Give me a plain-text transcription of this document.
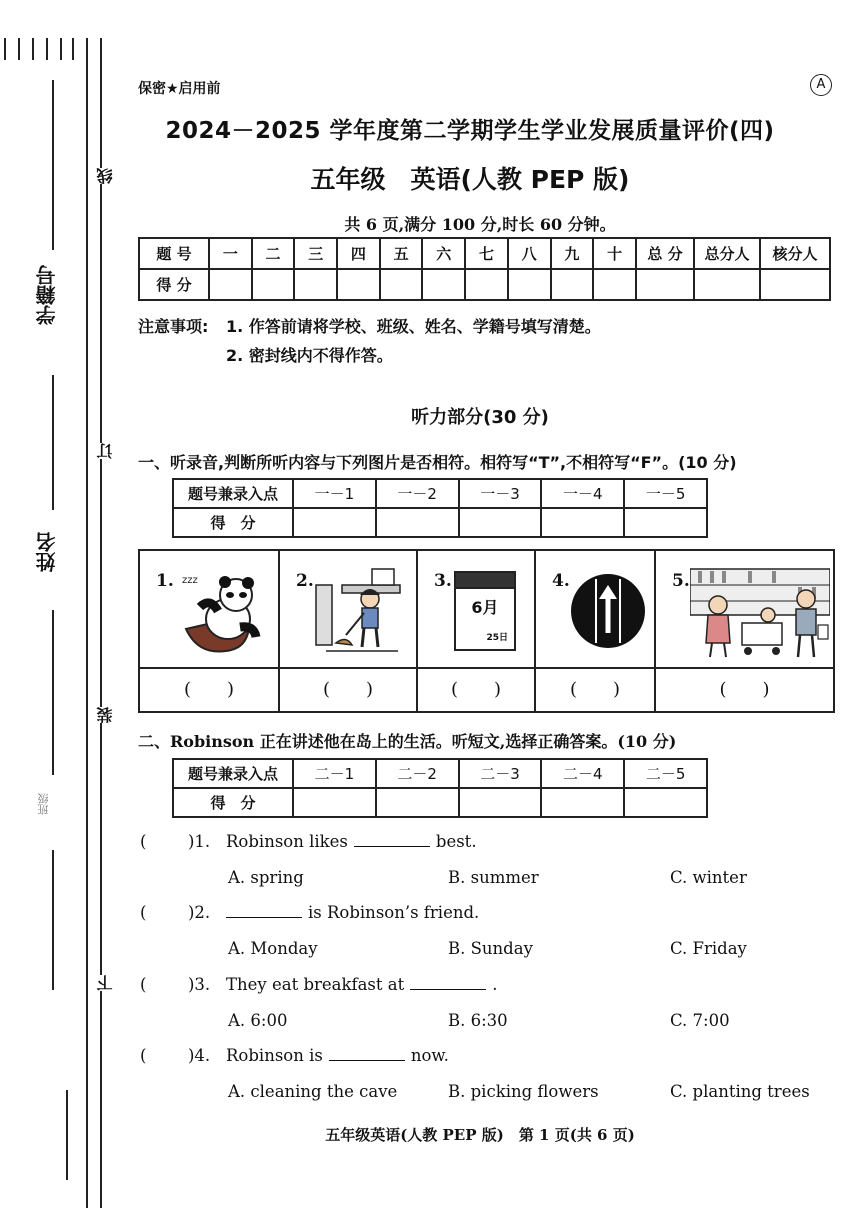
学籍号
姓名
班级
线
订
装
下
保密★启用前	A
2024－2025 学年度第二学期学生学业发展质量评价(四)
五年级　英语(人教 PEP 版)
共 6 页,满分 100 分,时长 60 分钟。
题 号	一	二	三	四	五	六	七	八	九	十	总 分	总分人	核分人
得 分													
注意事项: 1. 作答前请将学校、班级、姓名、学籍号填写清楚。
2. 密封线内不得作答。
听力部分(30 分)
一、听录音,判断所听内容与下列图片是否相符。相符写“T”,不相符写“F”。(10 分)
题号兼录入点	一－1	一－2	一－3	一－4	一－5
得　分					
1. zzz	2.	3.
6月
25日
4.	5.
(　　)	(　　)	(　　)	(　　)	(　　)
二、Robinson 正在讲述他在岛上的生活。听短文,选择正确答案。(10 分)
题号兼录入点	二－1	二－2	二－3	二－4	二－5
得　分					
(	)1. Robinson likes	best.
A. spring	B. summer	C. winter
(	)2.	is Robinson’s friend.
A. Monday	B. Sunday	C. Friday
(	)3. They eat breakfast at	.
A. 6:00	B. 6:30	C. 7:00
(	)4. Robinson is	now.
A. cleaning the cave	B. picking flowers	C. planting trees
五年级英语(人教 PEP 版)　第 1 页(共 6 页)
